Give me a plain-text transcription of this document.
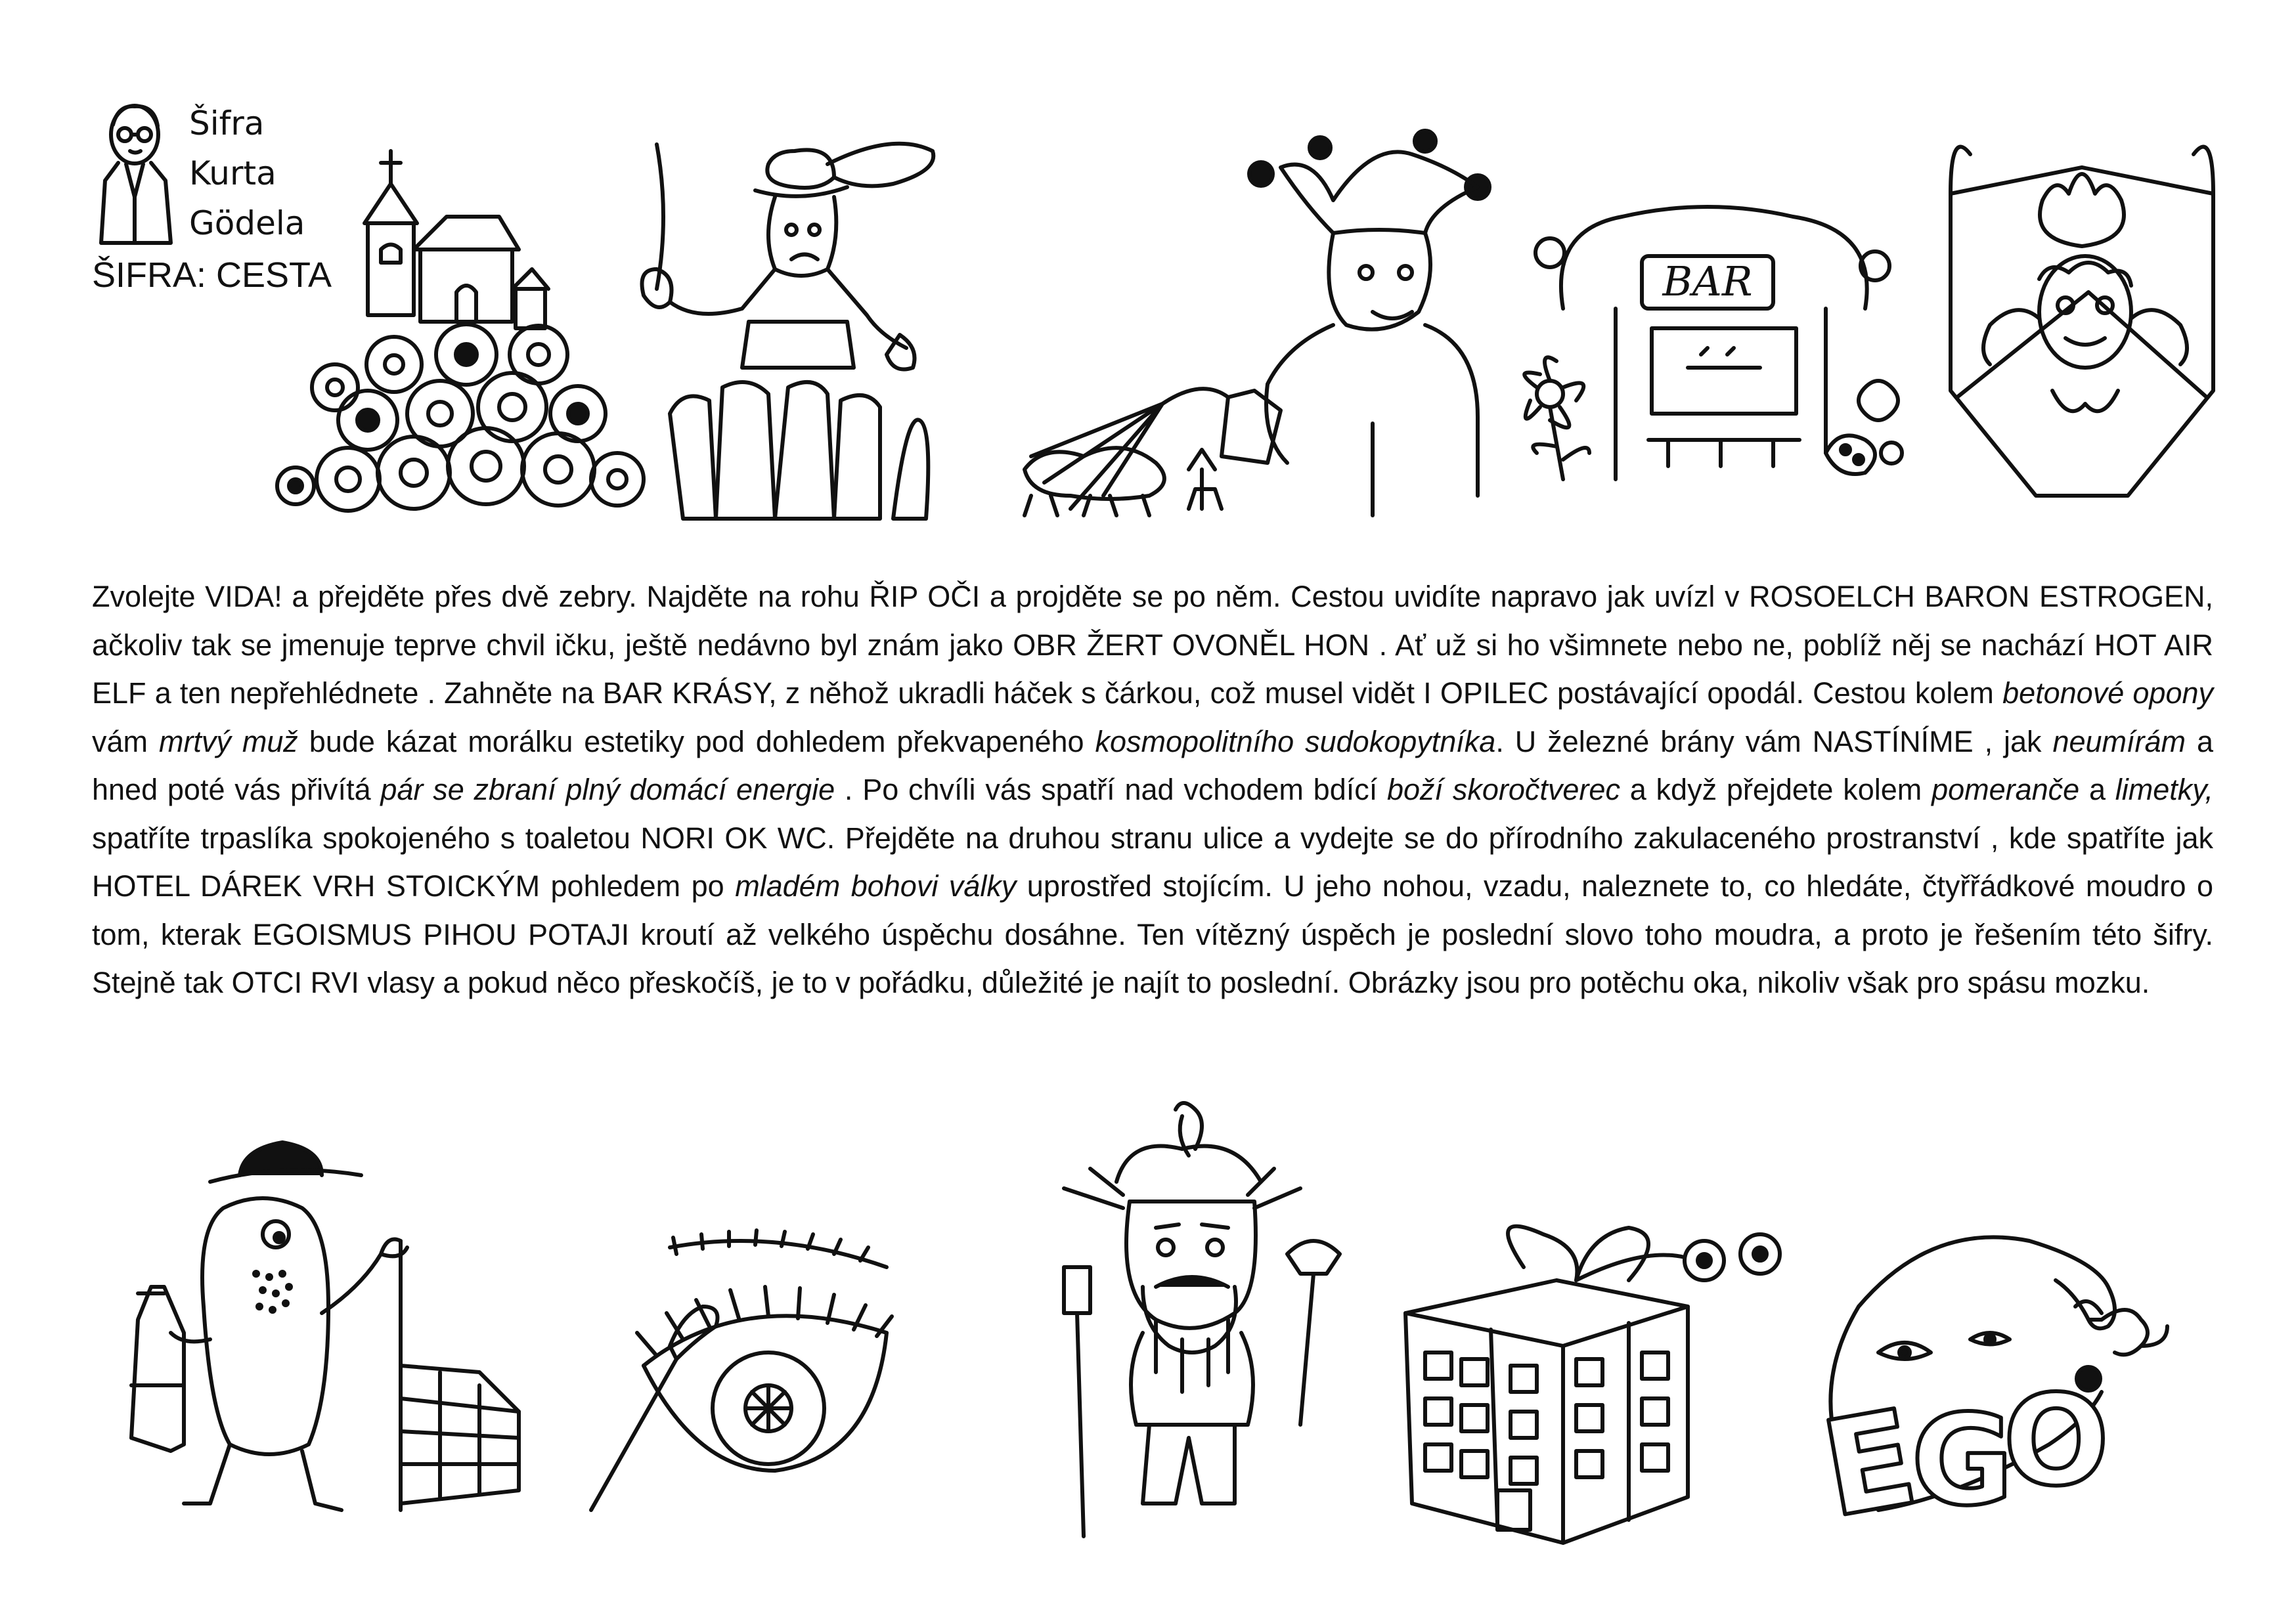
Šifra
Kurta
Gödela
ŠIFRA: CESTA	BAR
Zvolejte VIDA! a přejděte přes dvě zebry. Najděte na rohu ŘIP OČI a projděte se po něm. Cestou uvidíte napravo jak uvízl v ROSOELCH BARON ESTROGEN, ačkoliv tak se jmenuje teprve chvil ičku, ještě nedávno byl znám jako OBR ŽERT OVONĚL HON . Ať už si ho všimnete nebo ne, poblíž něj se nachází HOT AIR ELF a ten nepřehlédnete . Zahněte na BAR KRÁSY, z něhož ukradli háček s čárkou, což musel vidět I OPILEC postávající opodál. Cestou kolem betonové opony vám mrtvý muž bude kázat morálku estetiky pod dohledem překvapeného kosmopolitního sudokopytníka. U železné brány vám NASTÍNÍME , jak neumírám a hned poté vás přivítá pár se zbraní plný domácí energie . Po chvíli vás spatří nad vchodem bdící boží skoročtverec a když přejdete kolem pomeranče a limetky, spatříte trpaslíka spokojeného s toaletou NORI OK WC. Přejděte na druhou stranu ulice a vydejte se do přírodního zakulaceného prostranství , kde spatříte jak HOTEL DÁREK VRH STOICKÝM pohledem po mladém bohovi války uprostřed stojícím. U jeho nohou, vzadu, naleznete to, co hledáte, čtyřřádkové moudro o tom, kterak EGOISMUS PIHOU POTAJI kroutí až velkého úspěchu dosáhne. Ten vítězný úspěch je poslední slovo toho moudra, a proto je řešením této šifry. Stejně tak OTCI RVI vlasy a pokud něco přeskočíš, je to v pořádku, důležité je najít to poslední. Obrázky jsou pro potěchu oka, nikoliv však pro spásu mozku.
E
G
O
